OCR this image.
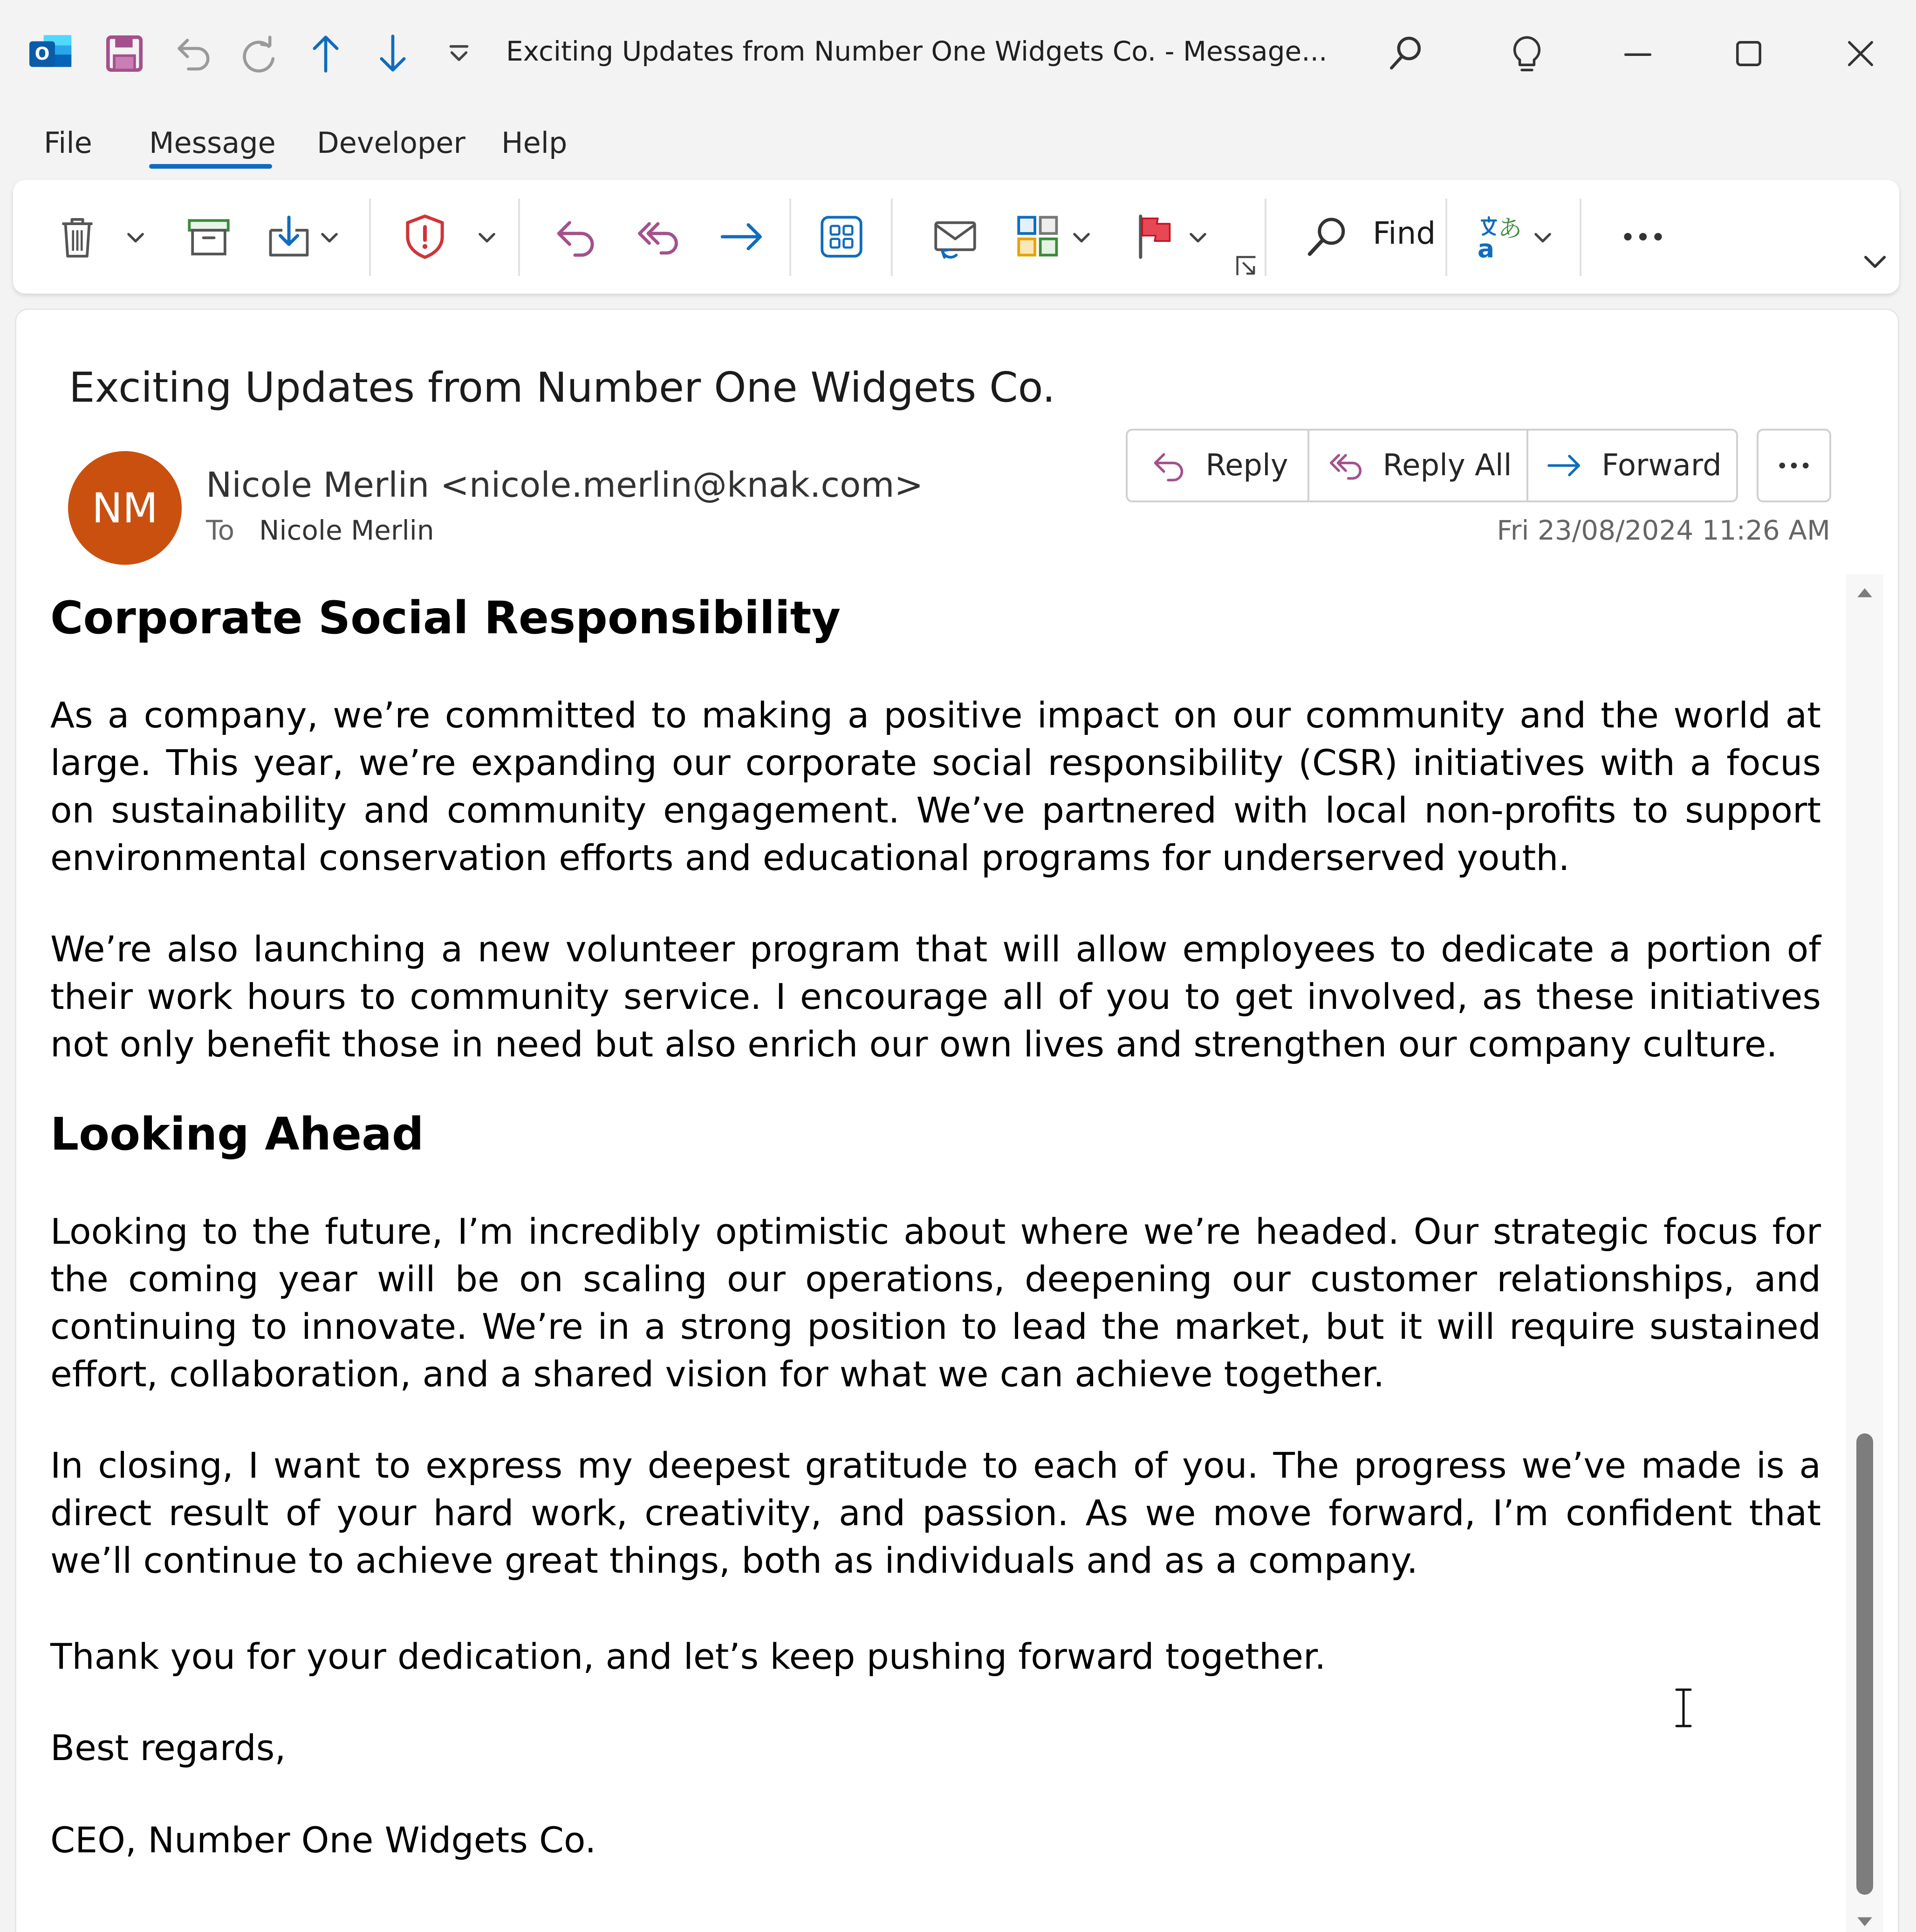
O	Exciting Updates from Number One Widgets Co. - Message...
File Message Developer Help
Find a
あ
Exciting Updates from Number One Widgets Co.
NM	Nicole Merlin <nicole.merlin@knak.com>
To Nicole Merlin	Fri 23/08/2024 11:26 AM
Reply	Reply All	Forward
Corporate Social Responsibility
As a company, we’re committed to making a positive impact on our community and the world at large. This year, we’re expanding our corporate social responsibility (CSR) initiatives with a focus on sustainability and community engagement. We’ve partnered with local non-profits to support environmental conservation efforts and educational programs for underserved youth.
We’re also launching a new volunteer program that will allow employees to dedicate a portion of their work hours to community service. I encourage all of you to get involved, as these initiatives not only benefit those in need but also enrich our own lives and strengthen our company culture.
Looking Ahead
Looking to the future, I’m incredibly optimistic about where we’re headed. Our strategic focus for the coming year will be on scaling our operations, deepening our customer relationships, and continuing to innovate. We’re in a strong position to lead the market, but it will require sustained effort, collaboration, and a shared vision for what we can achieve together.
In closing, I want to express my deepest gratitude to each of you. The progress we’ve made is a direct result of your hard work, creativity, and passion. As we move forward, I’m confident that we’ll continue to achieve great things, both as individuals and as a company.
Thank you for your dedication, and let’s keep pushing forward together.
Best regards,
CEO, Number One Widgets Co.
